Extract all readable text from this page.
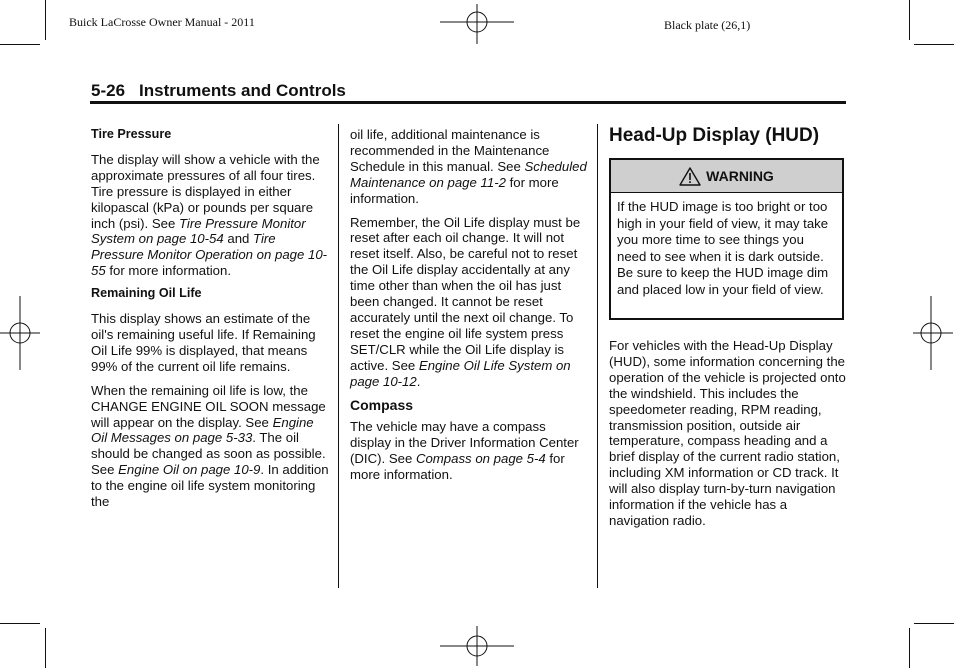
Buick LaCrosse Owner Manual - 2011	Black plate (26,1)
5-26 Instruments and Controls
Tire Pressure

The display will show a vehicle with the approximate pressures of all four tires. Tire pressure is displayed in either kilopascal (kPa) or pounds per square inch (psi). See Tire Pressure Monitor System on page 10-54 and Tire Pressure Monitor Operation on page 10-55 for more information.

Remaining Oil Life

This display shows an estimate of the oil's remaining useful life. If Remaining Oil Life 99% is displayed, that means 99% of the current oil life remains.

When the remaining oil life is low, the CHANGE ENGINE OIL SOON message will appear on the display. See Engine Oil Messages on page 5-33. The oil should be changed as soon as possible. See Engine Oil on page 10-9. In addition to the engine oil life system monitoring the

oil life, additional maintenance is recommended in the Maintenance Schedule in this manual. See Scheduled Maintenance on page 11-2 for more information.

Remember, the Oil Life display must be reset after each oil change. It will not reset itself. Also, be careful not to reset the Oil Life display accidentally at any time other than when the oil has just been changed. It cannot be reset accurately until the next oil change. To reset the engine oil life system press SET/CLR while the Oil Life display is active. See Engine Oil Life System on page 10-12.

Compass

The vehicle may have a compass display in the Driver Information Center (DIC). See Compass on page 5-4 for more information.

Head-Up Display (HUD)
WARNING
If the HUD image is too bright or too high in your field of view, it may take you more time to see things you need to see when it is dark outside. Be sure to keep the HUD image dim and placed low in your field of view.

For vehicles with the Head-Up Display (HUD), some information concerning the operation of the vehicle is projected onto the windshield. This includes the speedometer reading, RPM reading, transmission position, outside air temperature, compass heading and a brief display of the current radio station, including XM information or CD track. It will also display turn-by-turn navigation information if the vehicle has a navigation radio.
